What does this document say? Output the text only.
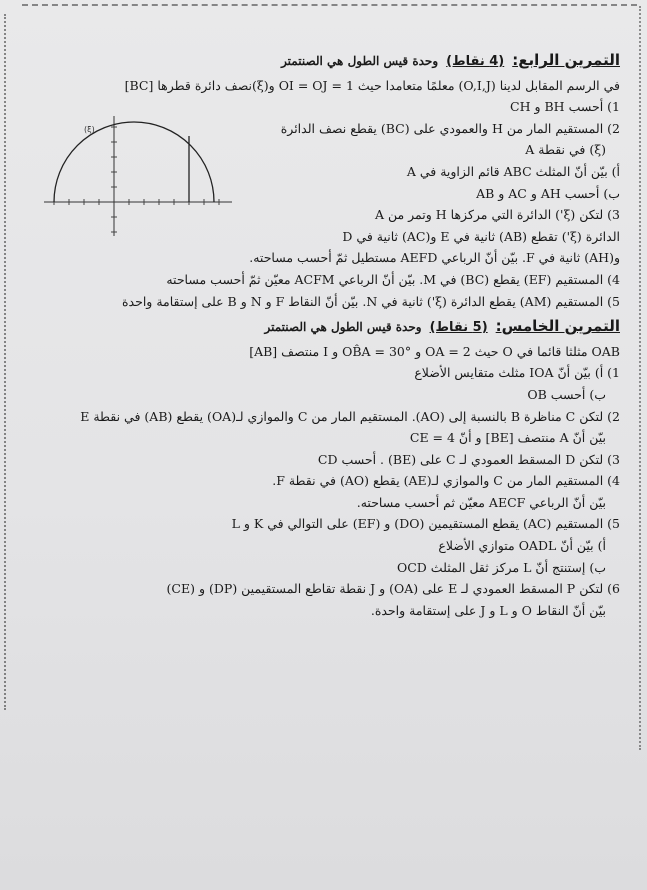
التمرين الرابع:
(4 نقاط)
وحدة قيس الطول هي الصنتمتر
في الرسم المقابل لدينا (O,I,J) معلمًا متعامدا حيث OI = OJ = 1 و(ξ)نصف دائرة قطرها [BC]
1) أحسب BH و CH
2) المستقيم المار من H والعمودي على (BC) يقطع نصف الدائرة
(ξ) في نقطة A
أ) بيّن أنّ المثلث ABC قائم الزاوية في A
ب) أحسب AH و AC و AB
3) لتكن (ξ') الدائرة التي مركزها H وتمر من A
الدائرة (ξ') تقطع (AB) ثانية في E و(AC) ثانية في D
و(AH) ثانية في F. بيّن أنّ الرباعي AEFD مستطيل ثمّ أحسب مساحته.
4) المستقيم (EF) يقطع (BC) في M. بيّن أنّ الرباعي ACFM معيّن ثمّ أحسب مساحته
5) المستقيم (AM) يقطع الدائرة (ξ') ثانية في N. بيّن أنّ النقاط F و N و B على إستقامة واحدة
التمرين الخامس:
(5 نقاط)
وحدة قيس الطول هي الصنتمتر
OAB مثلثا قائما في O حيث OA = 2 و OB̂A = 30° و I منتصف [AB]
1) أ) بيّن أنّ IOA مثلث متقايس الأضلاع
ب) أحسب OB
2) لتكن C مناظرة B بالنسبة إلى (AO). المستقيم المار من C والموازي لـ(OA) يقطع (AB) في نقطة E
بيّن أنّ A منتصف [BE] و أنّ CE = 4
3) لتكن D المسقط العمودي لـ C على (BE) . أحسب CD
4) المستقيم المار من C والموازي لـ(AE) يقطع (AO) في نقطة F.
بيّن أنّ الرباعي AECF معيّن ثم أحسب مساحته.
5) المستقيم (AC) يقطع المستقيمين (DO) و (EF) على التوالي في K و L
أ) بيّن أنّ OADL متوازي الأضلاع
ب) إستنتج أنّ L مركز ثقل المثلث OCD
6) لتكن P المسقط العمودي لـ E على (OA) و J نقطة تقاطع المستقيمين (DP) و (CE)
بيّن أنّ النقاط O و L و J على إستقامة واحدة.
(ξ)
